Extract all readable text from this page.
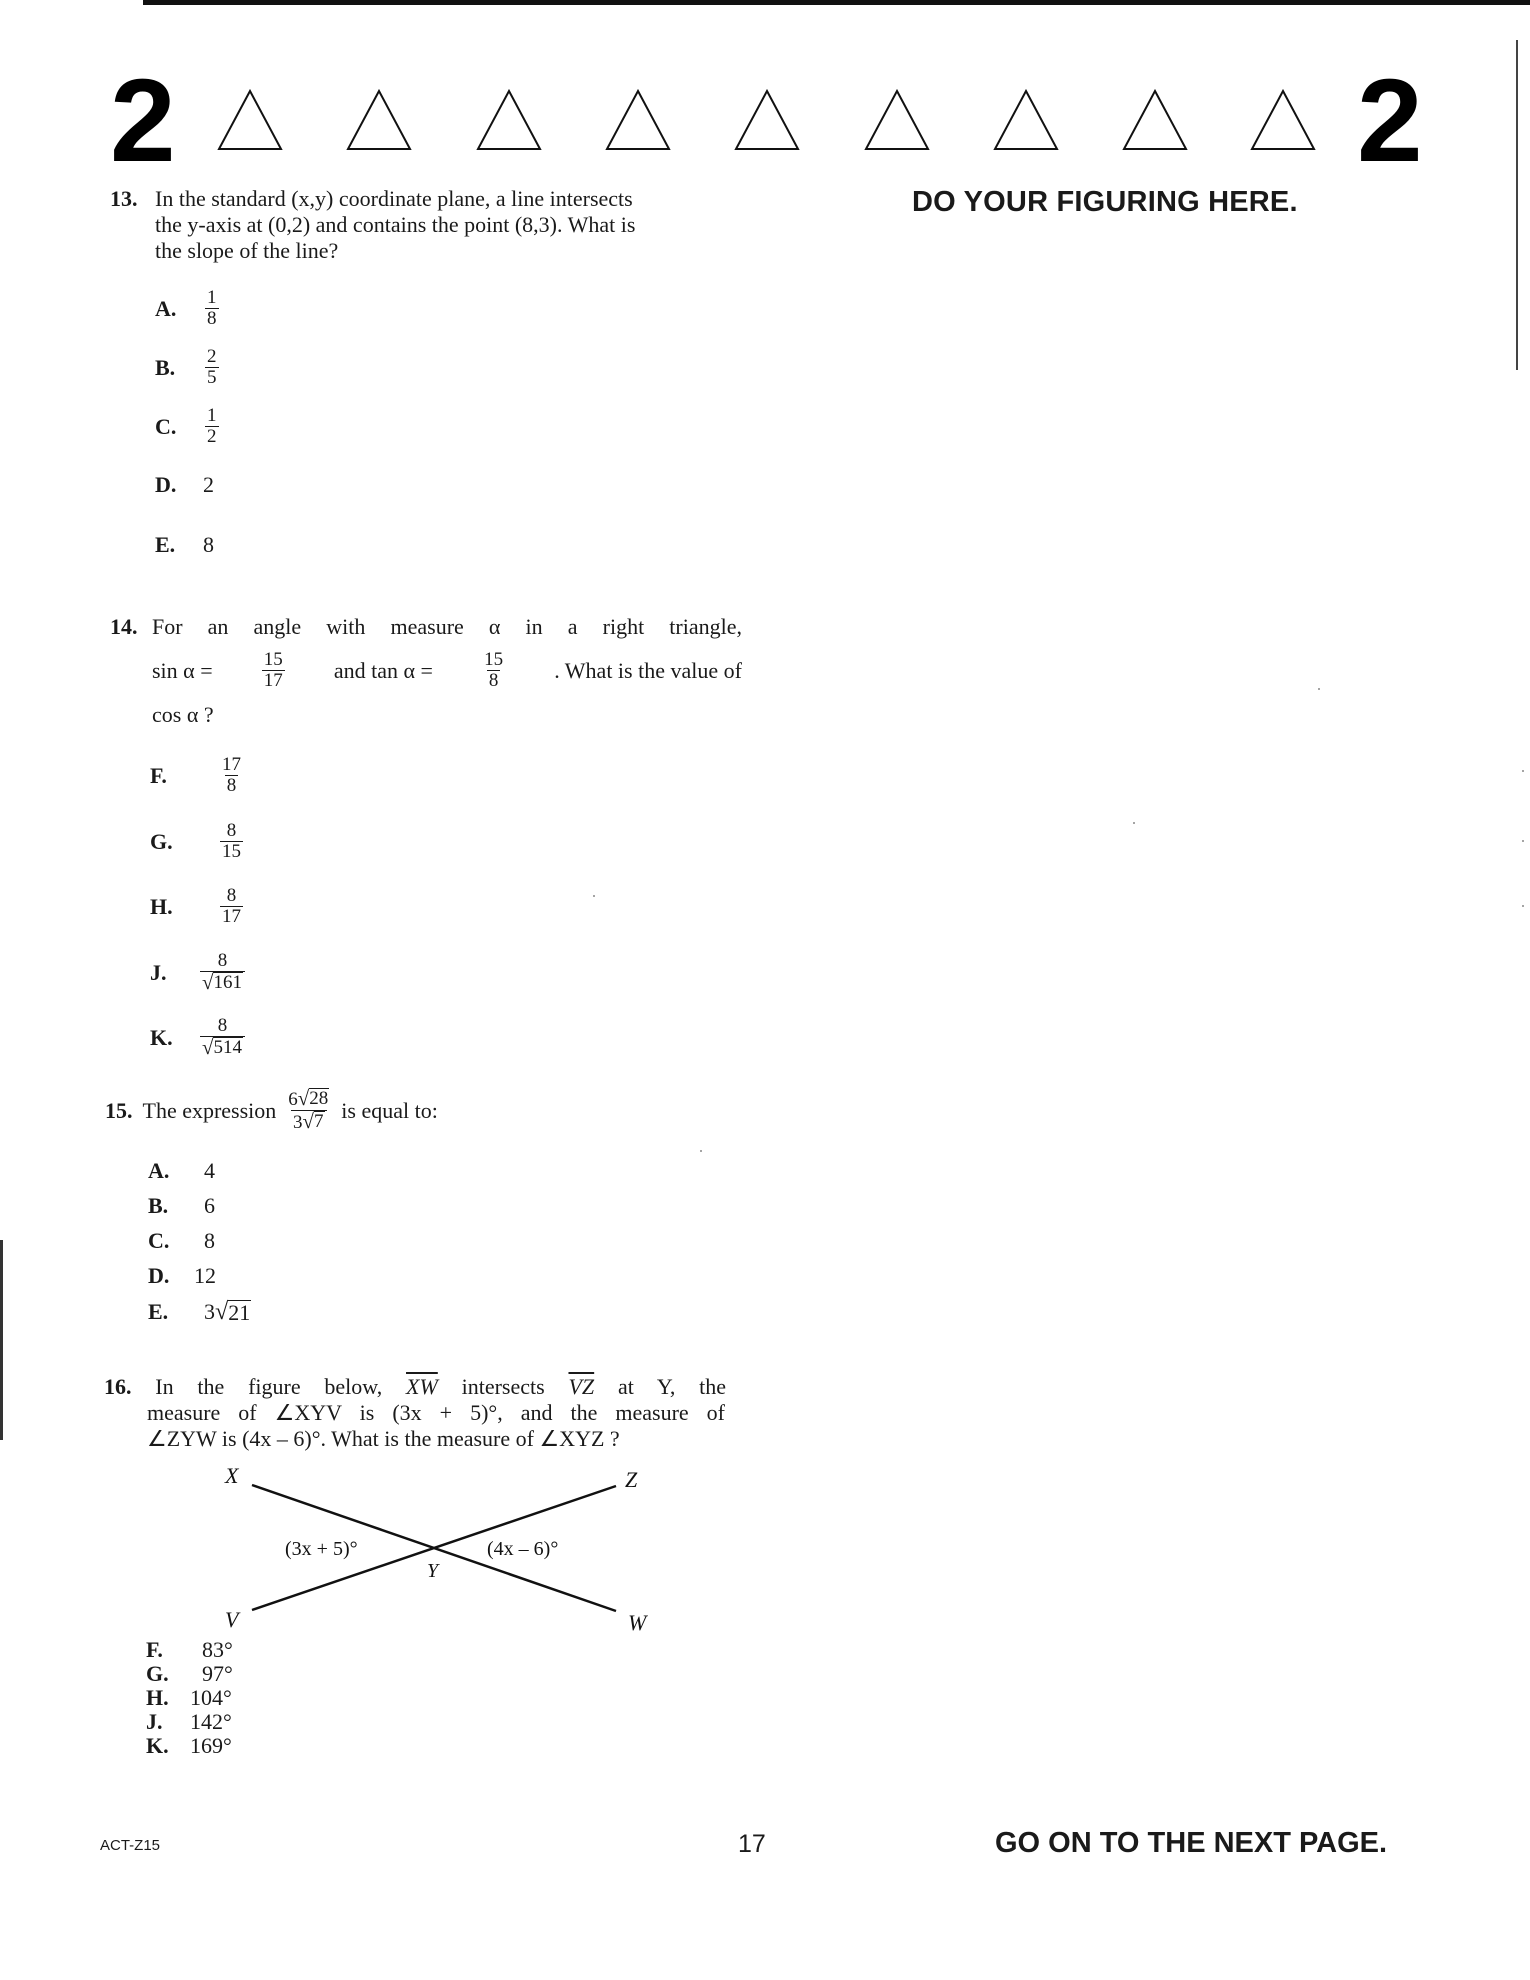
2	2
DO YOUR FIGURING HERE.
13. In the standard (x,y) coordinate plane, a line intersects
the y-axis at (0,2) and contains the point (8,3). What is
the slope of the line?
A.	$\frac{1}{8}$
B.	$\frac{2}{5}$
C.	$\frac{1}{2}$
D.	2
E.	8
14. For an angle with measure α in a right triangle,
sin α =	$\frac{15}{17}$ and tan α =	$\frac{15}{8}$ . What is the value of
cos α ?
F.	$\frac{17}{8}$
G.	$\frac{8}{15}$
H.	$\frac{8}{17}$
J.	$\frac{8}{√ 161}$
K.	$\frac{8}{√ 514}$
15. The expression $\frac{6 √ 28}{3 √ 7}$ is equal to:
A.	4
B.	6
C.	8
D.	12
E.	3 √ 21
16. In the figure below, $\overline{XW}$ intersects $\overline{VZ}$ at Y, the
measure of ∠XYV is (3x + 5)°, and the measure of
∠ZYW is (4x – 6)°. What is the measure of ∠XYZ ?
X	Z
V	W
Y
(3x + 5)°	(4x – 6)°
F.	83°
G.	97°
H. 104°
J.	142°
K. 169°
ACT-Z15	17	GO ON TO THE NEXT PAGE.
